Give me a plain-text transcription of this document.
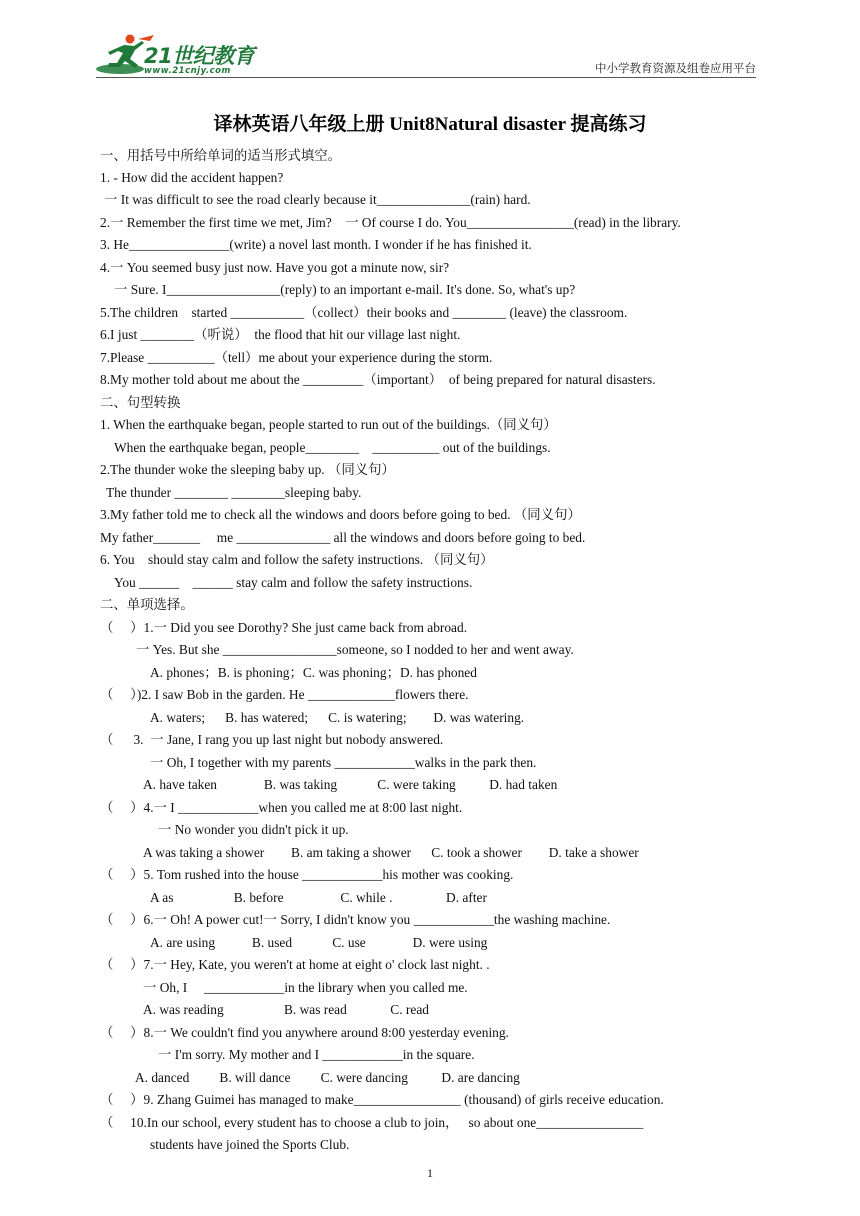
21世纪教育
www.21cnjy.com	中小学教育资源及组卷应用平台
译林英语八年级上册 Unit8Natural disaster 提高练习
一、用括号中所给单词的适当形式填空。
1. - How did the accident happen?
一 It was difficult to see the road clearly because it______________(rain) hard.
2.一 Remember the first time we met, Jim?    一 Of course I do. You________________(read) in the library.
3. He_______________(write) a novel last month. I wonder if he has finished it.
4.一 You seemed busy just now. Have you got a minute now, sir?
一 Sure. I_________________(reply) to an important e-mail. It's done. So, what's up?
5.The children    started ___________（collect）their books and ________ (leave) the classroom.
6.I just ________（听说）  the flood that hit our village last night.
7.Please __________（tell）me about your experience during the storm.
8.My mother told about me about the _________（important）  of being prepared for natural disasters.
二、句型转换
1. When the earthquake began, people started to run out of the buildings.（同义句）
When the earthquake began, people________    __________ out of the buildings.
2.The thunder woke the sleeping baby up. （同义句）
The thunder ________ ________sleeping baby.
3.My father told me to check all the windows and doors before going to bed. （同义句）
My father_______     me ______________ all the windows and doors before going to bed.
6. You    should stay calm and follow the safety instructions. （同义句）
You ______    ______ stay calm and follow the safety instructions.
二、单项选择。
（     ）1.一 Did you see Dorothy? She just came back from abroad.
一 Yes. But she _________________someone, so I nodded to her and went away.
A. phones；B. is phoning；C. was phoning；D. has phoned
（     ）)2. I saw Bob in the garden. He _____________flowers there.
A. waters;      B. has watered;      C. is watering;        D. was watering.
（      3.  一 Jane, I rang you up last night but nobody answered.
一 Oh, I together with my parents ____________walks in the park then.
A. have taken              B. was taking            C. were taking          D. had taken
（     ）4.一 I ____________when you called me at 8:00 last night.
一 No wonder you didn't pick it up.
A was taking a shower        B. am taking a shower      C. took a shower        D. take a shower
（     ）5. Tom rushed into the house ____________his mother was cooking.
A as                  B. before                 C. while .                D. after
（     ）6.一 Oh! A power cut!一 Sorry, I didn't know you ____________the washing machine.
A. are using           B. used            C. use              D. were using
（     ）7.一 Hey, Kate, you weren't at home at eight o' clock last night. .
一 Oh, I     ____________in the library when you called me.
A. was reading                  B. was read             C. read
（     ）8.一 We couldn't find you anywhere around 8:00 yesterday evening.
一 I'm sorry. My mother and I ____________in the square.
A. danced         B. will dance         C. were dancing          D. are dancing
（     ）9. Zhang Guimei has managed to make________________ (thousand) of girls receive education.
（     10.In our school, every student has to choose a club to join，   so about one________________
students have joined the Sports Club.
1
